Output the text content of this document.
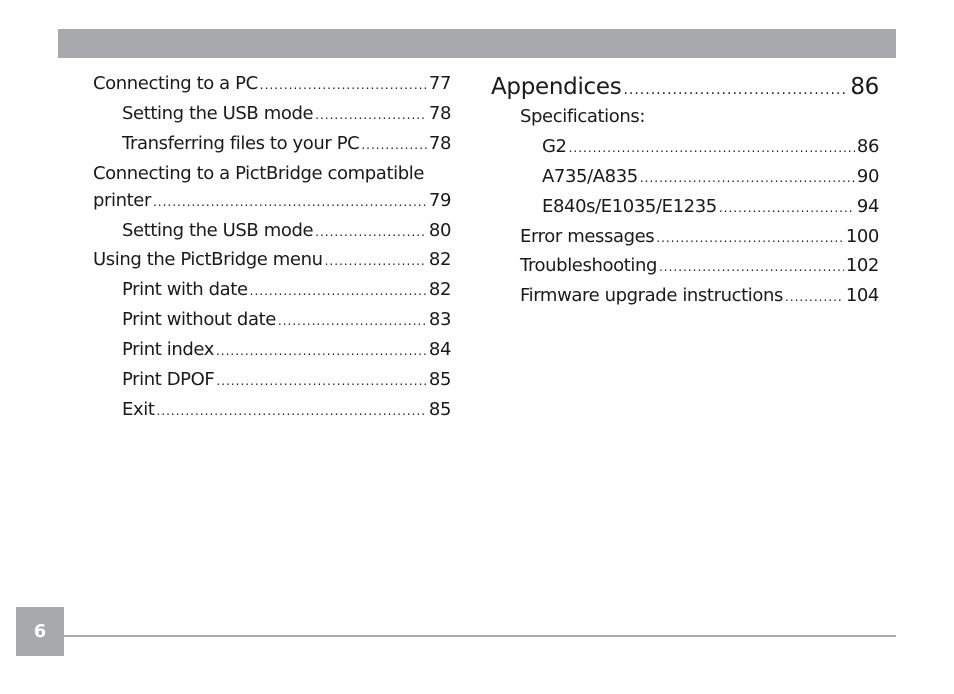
Connecting to a PC .....	77
Setting the USB mode .....	78
Transferring files to your PC .....	78
Connecting to a PictBridge compatible
printer .....	79
Setting the USB mode .....	80
Using the PictBridge menu .....	82
Print with date .....	82
Print without date .....	83
Print index .....	84
Print DPOF .....	85
Exit .....	85
Appendices .....	86
Specifications:
G2 .....	86
A735/A835 .....	90
E840s/E1035/E1235 .....	94
Error messages .....	100
Troubleshooting .....	102
Firmware upgrade instructions .....	104
6
